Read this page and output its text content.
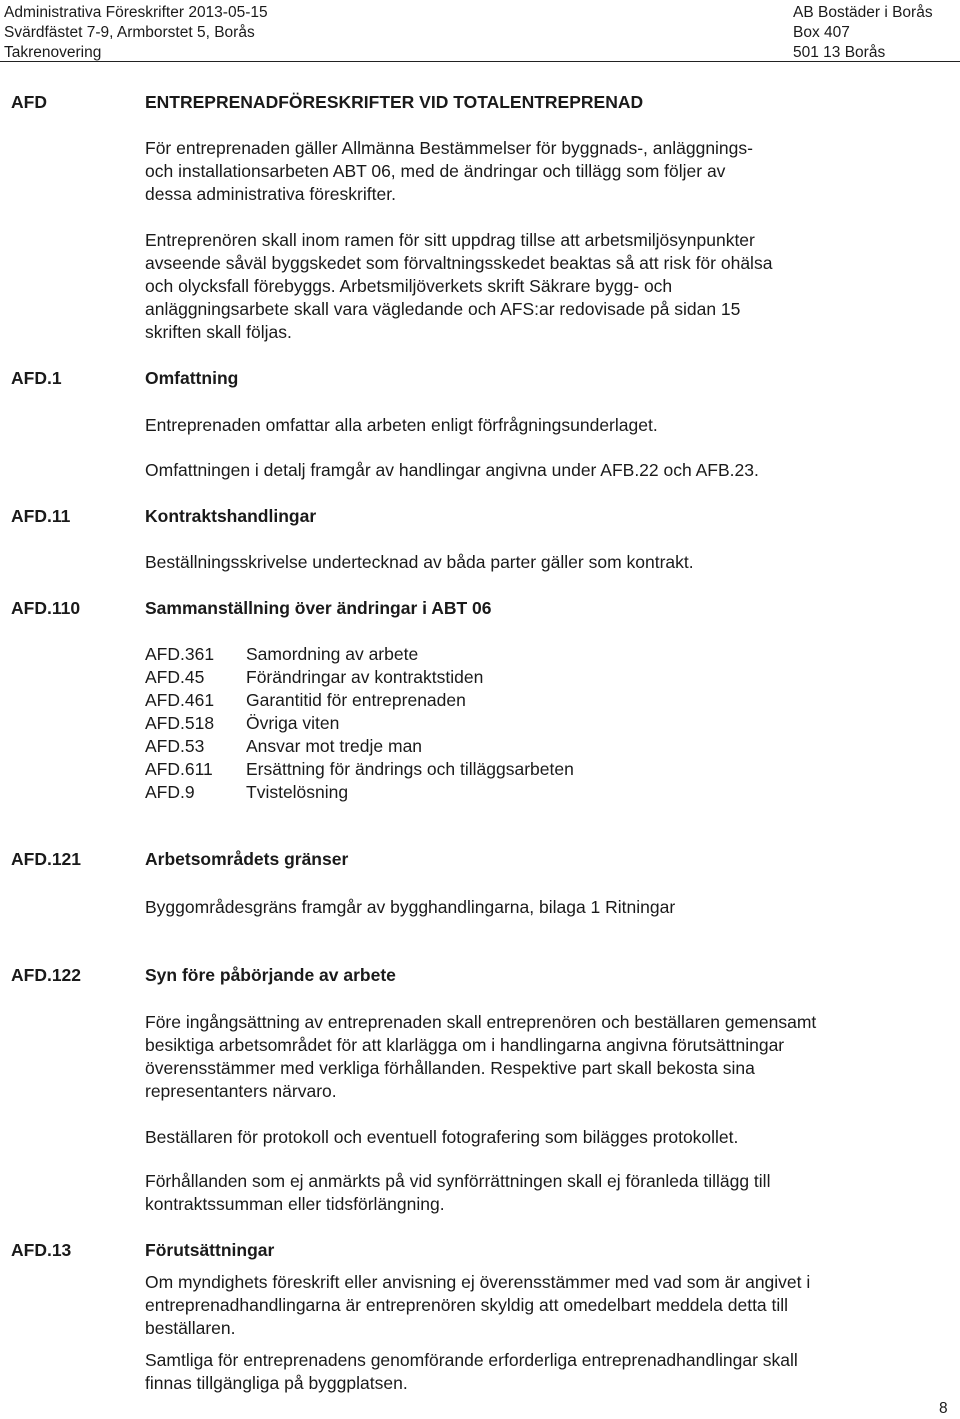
Administrativa Föreskrifter 2013-05-15
Svärdfästet 7-9, Armborstet 5, Borås
Takrenovering
AB Bostäder i Borås
Box 407
501 13 Borås
AFD	ENTREPRENADFÖRESKRIFTER VID TOTALENTREPRENAD
För entreprenaden gäller Allmänna Bestämmelser för byggnads-, anläggnings-
och installationsarbeten ABT 06, med de ändringar och tillägg som följer av
dessa administrativa föreskrifter.
Entreprenören skall inom ramen för sitt uppdrag tillse att arbetsmiljösynpunkter
avseende såväl byggskedet som förvaltningsskedet beaktas så att risk för ohälsa
och olycksfall förebyggs. Arbetsmiljöverkets skrift Säkrare bygg- och
anläggningsarbete skall vara vägledande och AFS:ar redovisade på sidan 15
skriften skall följas.
AFD.1	Omfattning
Entreprenaden omfattar alla arbeten enligt förfrågningsunderlaget.
Omfattningen i detalj framgår av handlingar angivna under AFB.22 och AFB.23.
AFD.11	Kontraktshandlingar
Beställningsskrivelse undertecknad av båda parter gäller som kontrakt.
AFD.110	Sammanställning över ändringar i ABT 06
AFD.361 Samordning av arbete
AFD.45 Förändringar av kontraktstiden
AFD.461 Garantitid för entreprenaden
AFD.518 Övriga viten
AFD.53 Ansvar mot tredje man
AFD.611 Ersättning för ändrings och tilläggsarbeten
AFD.9	Tvistelösning
AFD.121	Arbetsområdets gränser
Byggområdesgräns framgår av bygghandlingarna, bilaga 1 Ritningar
AFD.122	Syn före påbörjande av arbete
Före ingångsättning av entreprenaden skall entreprenören och beställaren gemensamt
besiktiga arbetsområdet för att klarlägga om i handlingarna angivna förutsättningar
överensstämmer med verkliga förhållanden. Respektive part skall bekosta sina
representanters närvaro.
Beställaren för protokoll och eventuell fotografering som bilägges protokollet.
Förhållanden som ej anmärkts på vid synförrättningen skall ej föranleda tillägg till
kontraktssumman eller tidsförlängning.
AFD.13	Förutsättningar
Om myndighets föreskrift eller anvisning ej överensstämmer med vad som är angivet i
entreprenadhandlingarna är entreprenören skyldig att omedelbart meddela detta till
beställaren.
Samtliga för entreprenadens genomförande erforderliga entreprenadhandlingar skall
finnas tillgängliga på byggplatsen.
8
